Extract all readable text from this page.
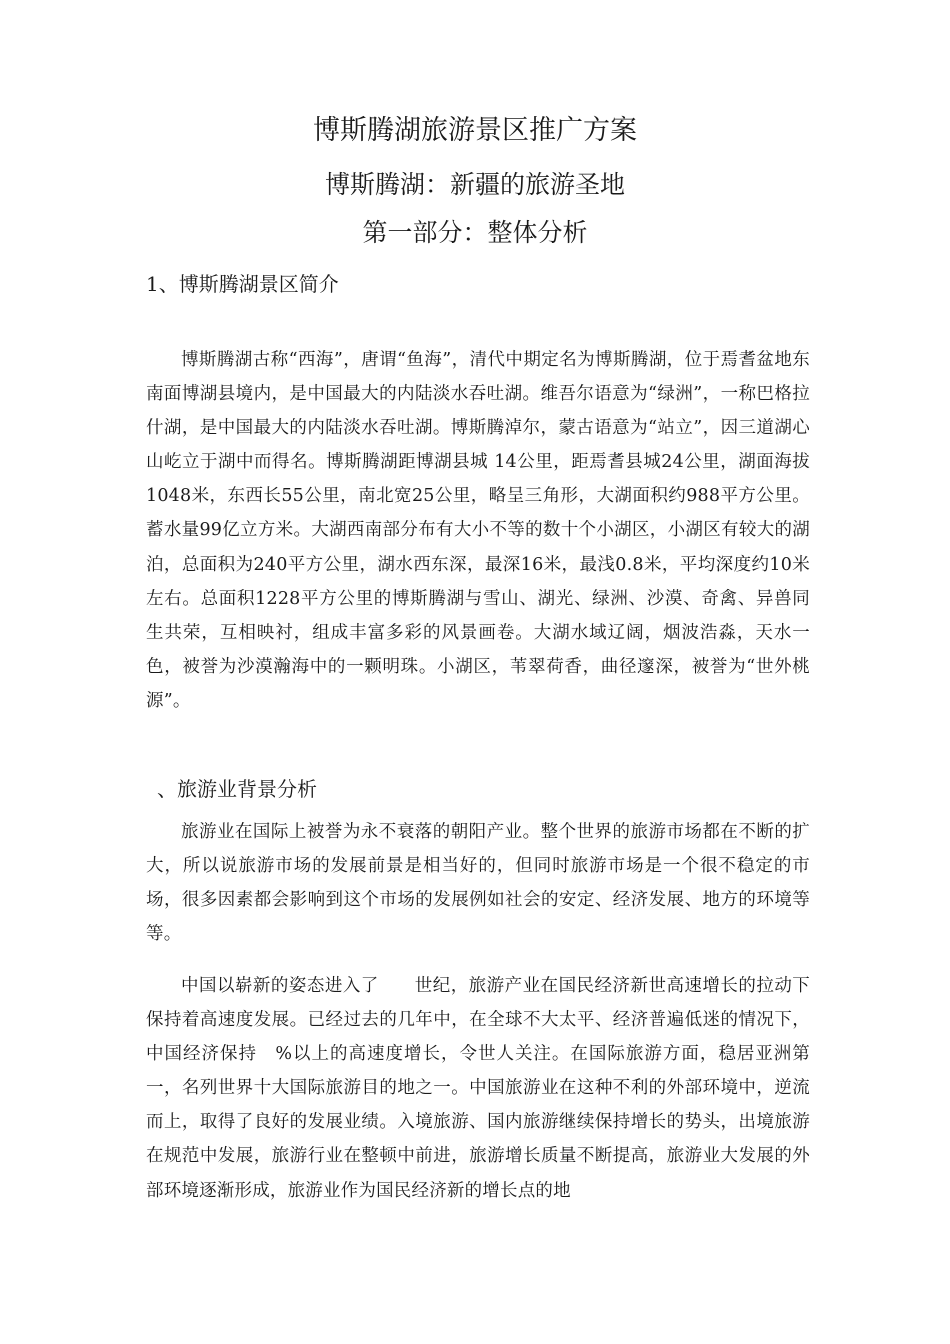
博斯腾湖旅游景区推广方案
博斯腾湖：新疆的旅游圣地
第一部分：整体分析
1、博斯腾湖景区简介
博斯腾湖古称“西海”，唐谓“鱼海”，清代中期定名为博斯腾湖，位于焉耆盆地东南面博湖县境内，是中国最大的内陆淡水吞吐湖。维吾尔语意为“绿洲”，一称巴格拉什湖，是中国最大的内陆淡水吞吐湖。博斯腾淖尔，蒙古语意为“站立”，因三道湖心山屹立于湖中而得名。博斯腾湖距博湖县城 14公里，距焉耆县城24公里，湖面海拔1048米，东西长55公里，南北宽25公里，略呈三角形，大湖面积约988平方公里。蓄水量99亿立方米。大湖西南部分布有大小不等的数十个小湖区，小湖区有较大的湖泊，总面积为240平方公里，湖水西东深，最深16米，最浅0.8米，平均深度约10米左右。总面积1228平方公里的博斯腾湖与雪山、湖光、绿洲、沙漠、奇禽、异兽同生共荣，互相映衬，组成丰富多彩的风景画卷。大湖水域辽阔，烟波浩淼，天水一色，被誉为沙漠瀚海中的一颗明珠。小湖区，苇翠荷香，曲径邃深，被誉为“世外桃源”。
、旅游业背景分析
旅游业在国际上被誉为永不衰落的朝阳产业。整个世界的旅游市场都在不断的扩大，所以说旅游市场的发展前景是相当好的，但同时旅游市场是一个很不稳定的市场，很多因素都会影响到这个市场的发展例如社会的安定、经济发展、地方的环境等等。
中国以崭新的姿态进入了　　世纪，旅游产业在国民经济新世高速增长的拉动下保持着高速度发展。已经过去的几年中，在全球不大太平、经济普遍低迷的情况下，中国经济保持　%以上的高速度增长，令世人关注。在国际旅游方面，稳居亚洲第一，名列世界十大国际旅游目的地之一。中国旅游业在这种不利的外部环境中，逆流而上，取得了良好的发展业绩。入境旅游、国内旅游继续保持增长的势头，出境旅游在规范中发展，旅游行业在整顿中前进，旅游增长质量不断提高，旅游业大发展的外部环境逐渐形成，旅游业作为国民经济新的增长点的地
